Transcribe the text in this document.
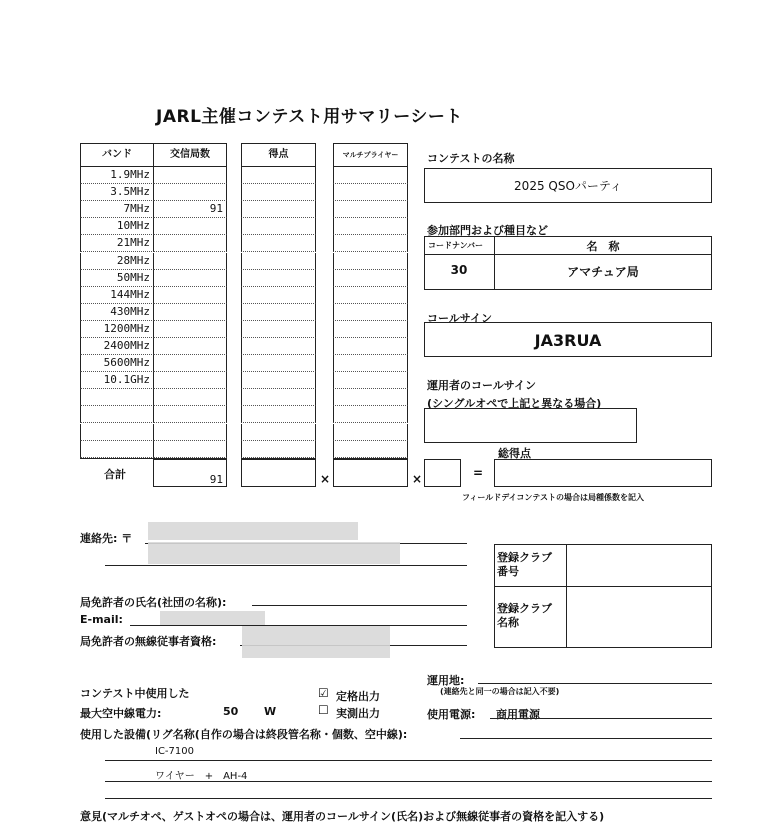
JARL主催コンテスト用サマリーシート
バンド	交信局数	得点	マルチプライヤー
1.9MHz
3.5MHz
7MHz	91
10MHz
21MHz
28MHz
50MHz
144MHz
430MHz
1200MHz
2400MHz
5600MHz
10.1GHz
合計	91	×	×	=
総得点
フィールドデイコンテストの場合は局種係数を記入
コンテストの名称
2025 QSOパーティ
参加部門および種目など
コードナンバー	名　称
30	アマチュア局
コールサイン
JA3RUA
運用者のコールサイン
(シングルオペで上記と異なる場合)
連絡先: 〒
局免許者の氏名(社団の名称):
E-mail:
局免許者の無線従事者資格:
登録クラブ
番号
登録クラブ
名称
運用地:
(連絡先と同一の場合は記入不要)
コンテスト中使用した
最大空中線電力:	50 W
☑ 定格出力
☐ 実測出力	使用電源: 商用電源
使用した設備(リグ名称(自作の場合は終段管名称・個数、空中線):
IC-7100
ワイヤー　+　AH-4
意見(マルチオペ、ゲストオペの場合は、運用者のコールサイン(氏名)および無線従事者の資格を記入する)
